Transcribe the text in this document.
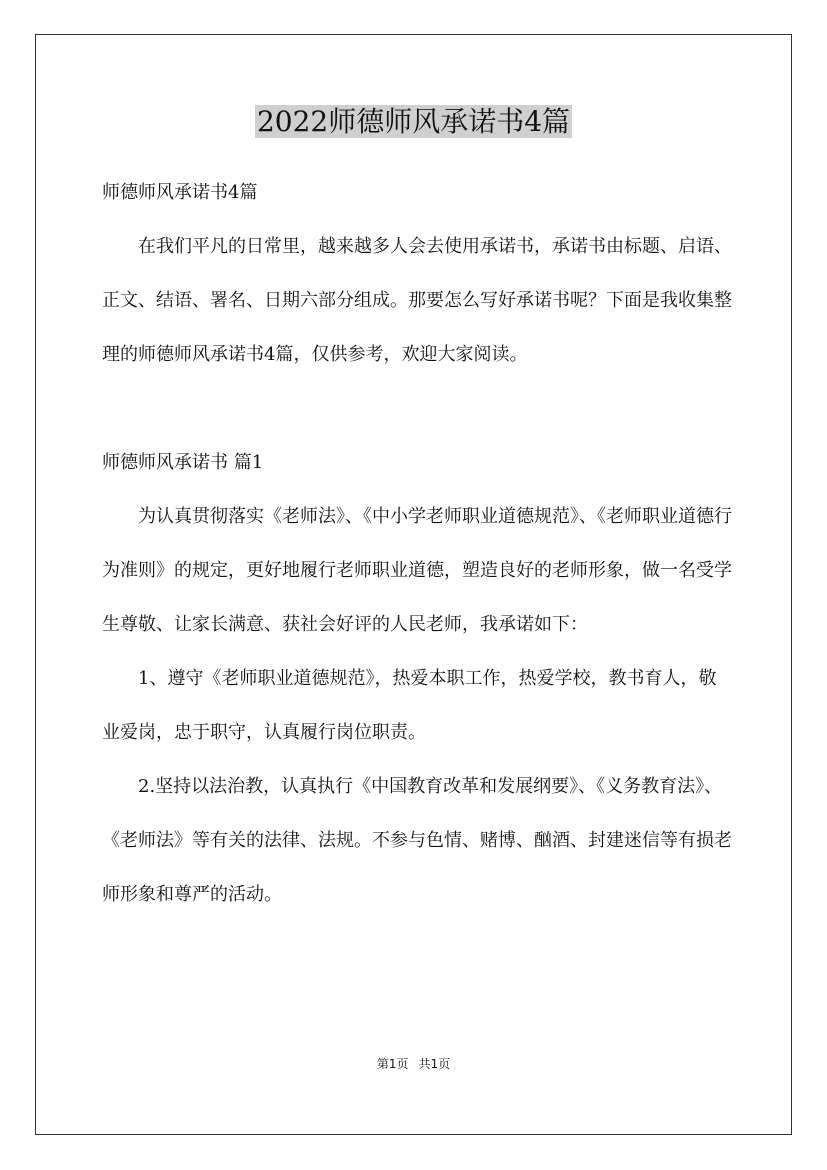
2022师德师风承诺书4篇

师德师风承诺书4篇

在我们平凡的日常里，越来越多人会去使用承诺书，承诺书由标题、启语、正文、结语、署名、日期六部分组成。那要怎么写好承诺书呢？下面是我收集整理的师德师风承诺书4篇，仅供参考，欢迎大家阅读。

师德师风承诺书 篇1

为认真贯彻落实《老师法》、《中小学老师职业道德规范》、《老师职业道德行为准则》的规定，更好地履行老师职业道德，塑造良好的老师形象，做一名受学生尊敬、让家长满意、获社会好评的人民老师，我承诺如下：

1、遵守《老师职业道德规范》，热爱本职工作，热爱学校，教书育人，敬业爱岗，忠于职守，认真履行岗位职责。

2.坚持以法治教，认真执行《中国教育改革和发展纲要》、《义务教育法》、《老师法》等有关的法律、法规。不参与色情、赌博、酗酒、封建迷信等有损老师形象和尊严的活动。

第1页 共1页
